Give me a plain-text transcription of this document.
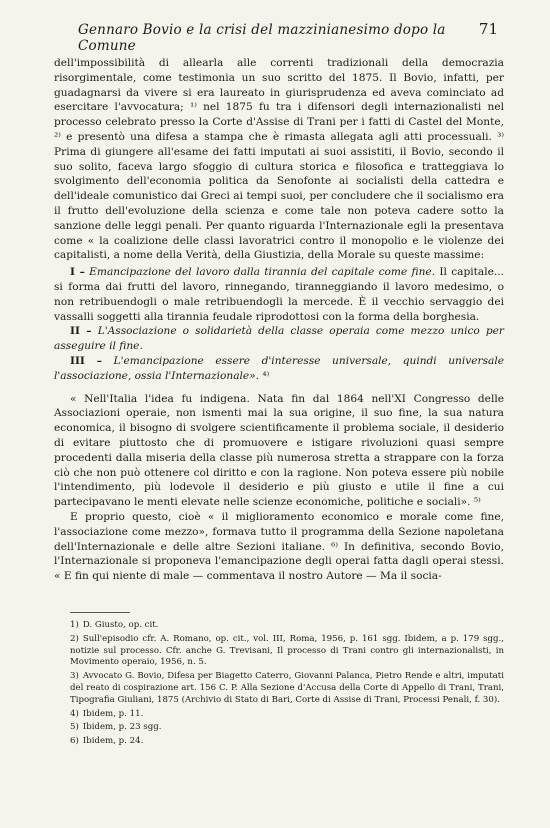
Gennaro Bovio e la crisi del mazzinianesimo dopo la Comune
71

dell'impossibilità di allearla alle correnti tradizionali della democrazia risorgimentale, come testimonia un suo scritto del 1875. Il Bovio, infatti, per guadagnarsi da vivere si era laureato in giurisprudenza ed aveva cominciato ad esercitare l'avvocatura; ¹⁾ nel 1875 fu tra i difensori degli internazionalisti nel processo celebrato presso la Corte d'Assise di Trani per i fatti di Castel del Monte, ²⁾ e presentò una difesa a stampa che è rimasta allegata agli atti processuali. ³⁾ Prima di giungere all'esame dei fatti imputati ai suoi assistiti, il Bovio, secondo il suo solito, faceva largo sfoggio di cultura storica e filosofica e tratteggiava lo svolgimento dell'economia politica da Senofonte ai socialisti della cattedra e dell'ideale comunistico dai Greci ai tempi suoi, per concludere che il socialismo era il frutto dell'evoluzione della scienza e come tale non poteva cadere sotto la sanzione delle leggi penali. Per quanto riguarda l'Internazionale egli la presentava come « la coalizione delle classi lavoratrici contro il monopolio e le violenze dei capitalisti, a nome della Verità, della Giustizia, della Morale su queste massime:

I – Emancipazione del lavoro dalla tirannia del capitale come fine. Il capitale... si forma dai frutti del lavoro, rinnegando, tiranneggiando il lavoro medesimo, o non retribuendogli o male retribuendogli la mercede. È il vecchio servaggio dei vassalli soggetti alla tirannia feudale riprodottosi con la forma della borghesia.

II – L'Associazione o solidarietà della classe operaia come mezzo unico per asseguire il fine.

III – L'emancipazione essere d'interesse universale, quindi universale l'associazione, ossia l'Internazionale». ⁴⁾

« Nell'Italia l'idea fu indigena. Nata fin dal 1864 nell'XI Congresso delle Associazioni operaie, non ismenti mai la sua origine, il suo fine, la sua natura economica, il bisogno di svolgere scientificamente il problema sociale, il desiderio di evitare piuttosto che di promuovere e istigare rivoluzioni quasi sempre procedenti dalla miseria della classe più numerosa stretta a strappare con la forza ciò che non può ottenere col diritto e con la ragione. Non poteva essere più nobile l'intendimento, più lodevole il desiderio e più giusto e utile il fine a cui partecipavano le menti elevate nelle scienze economiche, politiche e sociali». ⁵⁾

E proprio questo, cioè « il miglioramento economico e morale come fine, l'associazione come mezzo», formava tutto il programma della Sezione napoletana dell'Internazionale e delle altre Sezioni italiane. ⁶⁾ In definitiva, secondo Bovio, l'Internazionale si proponeva l'emancipazione degli operai fatta dagli operai stessi. « E fin qui niente di male — commentava il nostro Autore — Ma il socia-

1) D. Giusto, op. cit.

2) Sull'episodio cfr. A. Romano, op. cit., vol. III, Roma, 1956, p. 161 sgg. Ibidem, a p. 179 sgg., notizie sul processo. Cfr. anche G. Trevisani, Il processo di Trani contro gli internazionalisti, in Movimento operaio, 1956, n. 5.

3) Avvocato G. Bovio, Difesa per Biagetto Caterro, Giovanni Palanca, Pietro Rende e altri, imputati del reato di cospirazione art. 156 C. P. Alla Sezione d'Accusa della Corte di Appello di Trani, Trani, Tipografia Giuliani, 1875 (Archivio di Stato di Bari, Corte di Assise di Trani, Processi Penali, f. 30).

4) Ibidem, p. 11.

5) Ibidem, p. 23 sgg.

6) Ibidem, p. 24.
